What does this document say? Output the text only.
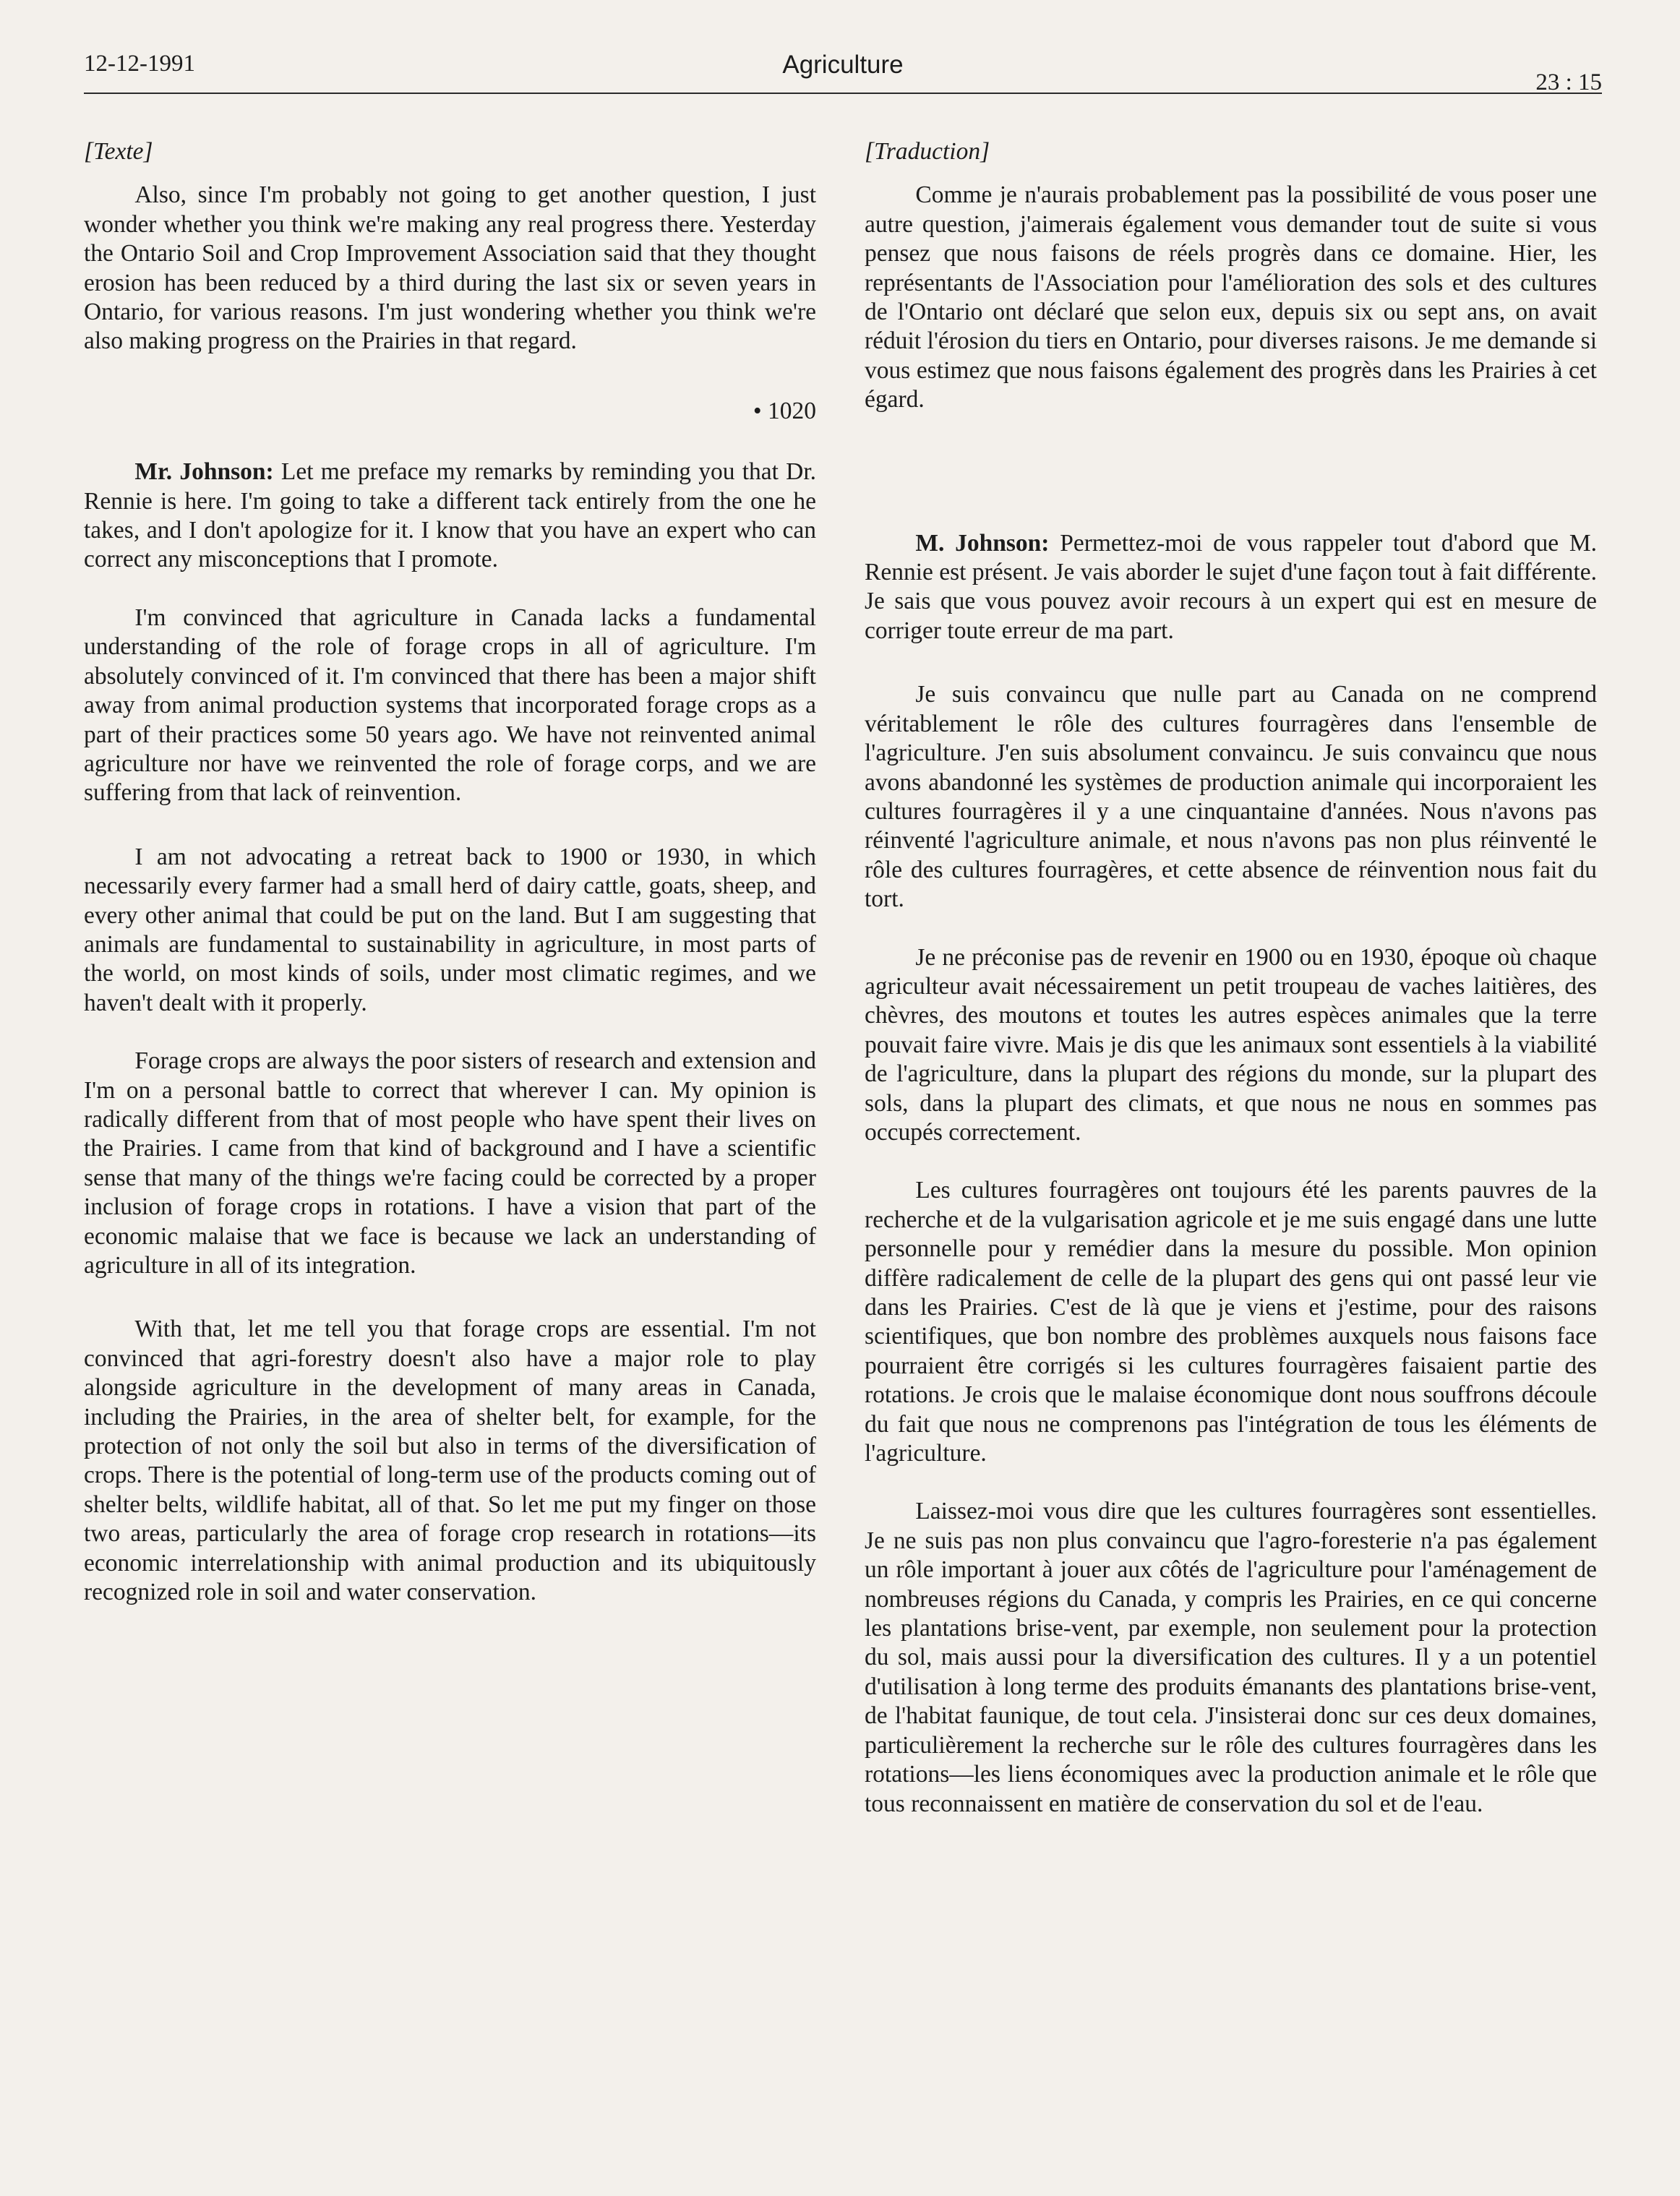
12-12-1991	Agriculture
23 : 15

[Texte]

Also, since I'm probably not going to get another question, I just wonder whether you think we're making any real progress there. Yesterday the Ontario Soil and Crop Improvement Association said that they thought erosion has been reduced by a third during the last six or seven years in Ontario, for various reasons. I'm just wondering whether you think we're also making progress on the Prairies in that regard.

• 1020

Mr. Johnson: Let me preface my remarks by reminding you that Dr. Rennie is here. I'm going to take a different tack entirely from the one he takes, and I don't apologize for it. I know that you have an expert who can correct any misconceptions that I promote.

I'm convinced that agriculture in Canada lacks a fundamental understanding of the role of forage crops in all of agriculture. I'm absolutely convinced of it. I'm convinced that there has been a major shift away from animal production systems that incorporated forage crops as a part of their practices some 50 years ago. We have not reinvented animal agriculture nor have we reinvented the role of forage corps, and we are suffering from that lack of reinvention.

I am not advocating a retreat back to 1900 or 1930, in which necessarily every farmer had a small herd of dairy cattle, goats, sheep, and every other animal that could be put on the land. But I am suggesting that animals are fundamental to sustainability in agriculture, in most parts of the world, on most kinds of soils, under most climatic regimes, and we haven't dealt with it properly.

Forage crops are always the poor sisters of research and extension and I'm on a personal battle to correct that wherever I can. My opinion is radically different from that of most people who have spent their lives on the Prairies. I came from that kind of background and I have a scientific sense that many of the things we're facing could be corrected by a proper inclusion of forage crops in rotations. I have a vision that part of the economic malaise that we face is because we lack an understanding of agriculture in all of its integration.

With that, let me tell you that forage crops are essential. I'm not convinced that agri-forestry doesn't also have a major role to play alongside agriculture in the development of many areas in Canada, including the Prairies, in the area of shelter belt, for example, for the protection of not only the soil but also in terms of the diversification of crops. There is the potential of long-term use of the products coming out of shelter belts, wildlife habitat, all of that. So let me put my finger on those two areas, particularly the area of forage crop research in rotations—its economic interrelationship with animal production and its ubiquitously recognized role in soil and water conservation.

[Traduction]

Comme je n'aurais probablement pas la possibilité de vous poser une autre question, j'aimerais également vous demander tout de suite si vous pensez que nous faisons de réels progrès dans ce domaine. Hier, les représentants de l'Association pour l'amélioration des sols et des cultures de l'Ontario ont déclaré que selon eux, depuis six ou sept ans, on avait réduit l'érosion du tiers en Ontario, pour diverses raisons. Je me demande si vous estimez que nous faisons également des progrès dans les Prairies à cet égard.

M. Johnson: Permettez-moi de vous rappeler tout d'abord que M. Rennie est présent. Je vais aborder le sujet d'une façon tout à fait différente. Je sais que vous pouvez avoir recours à un expert qui est en mesure de corriger toute erreur de ma part.

Je suis convaincu que nulle part au Canada on ne comprend véritablement le rôle des cultures fourragères dans l'ensemble de l'agriculture. J'en suis absolument convaincu. Je suis convaincu que nous avons abandonné les systèmes de production animale qui incorporaient les cultures fourragères il y a une cinquantaine d'années. Nous n'avons pas réinventé l'agriculture animale, et nous n'avons pas non plus réinventé le rôle des cultures fourragères, et cette absence de réinvention nous fait du tort.

Je ne préconise pas de revenir en 1900 ou en 1930, époque où chaque agriculteur avait nécessairement un petit troupeau de vaches laitières, des chèvres, des moutons et toutes les autres espèces animales que la terre pouvait faire vivre. Mais je dis que les animaux sont essentiels à la viabilité de l'agriculture, dans la plupart des régions du monde, sur la plupart des sols, dans la plupart des climats, et que nous ne nous en sommes pas occupés correctement.

Les cultures fourragères ont toujours été les parents pauvres de la recherche et de la vulgarisation agricole et je me suis engagé dans une lutte personnelle pour y remédier dans la mesure du possible. Mon opinion diffère radicalement de celle de la plupart des gens qui ont passé leur vie dans les Prairies. C'est de là que je viens et j'estime, pour des raisons scientifiques, que bon nombre des problèmes auxquels nous faisons face pourraient être corrigés si les cultures fourragères faisaient partie des rotations. Je crois que le malaise économique dont nous souffrons découle du fait que nous ne comprenons pas l'intégration de tous les éléments de l'agriculture.

Laissez-moi vous dire que les cultures fourragères sont essentielles. Je ne suis pas non plus convaincu que l'agro-foresterie n'a pas également un rôle important à jouer aux côtés de l'agriculture pour l'aménagement de nombreuses régions du Canada, y compris les Prairies, en ce qui concerne les plantations brise-vent, par exemple, non seulement pour la protection du sol, mais aussi pour la diversification des cultures. Il y a un potentiel d'utilisation à long terme des produits émanants des plantations brise-vent, de l'habitat faunique, de tout cela. J'insisterai donc sur ces deux domaines, particulièrement la recherche sur le rôle des cultures fourragères dans les rotations—les liens économiques avec la production animale et le rôle que tous reconnaissent en matière de conservation du sol et de l'eau.
